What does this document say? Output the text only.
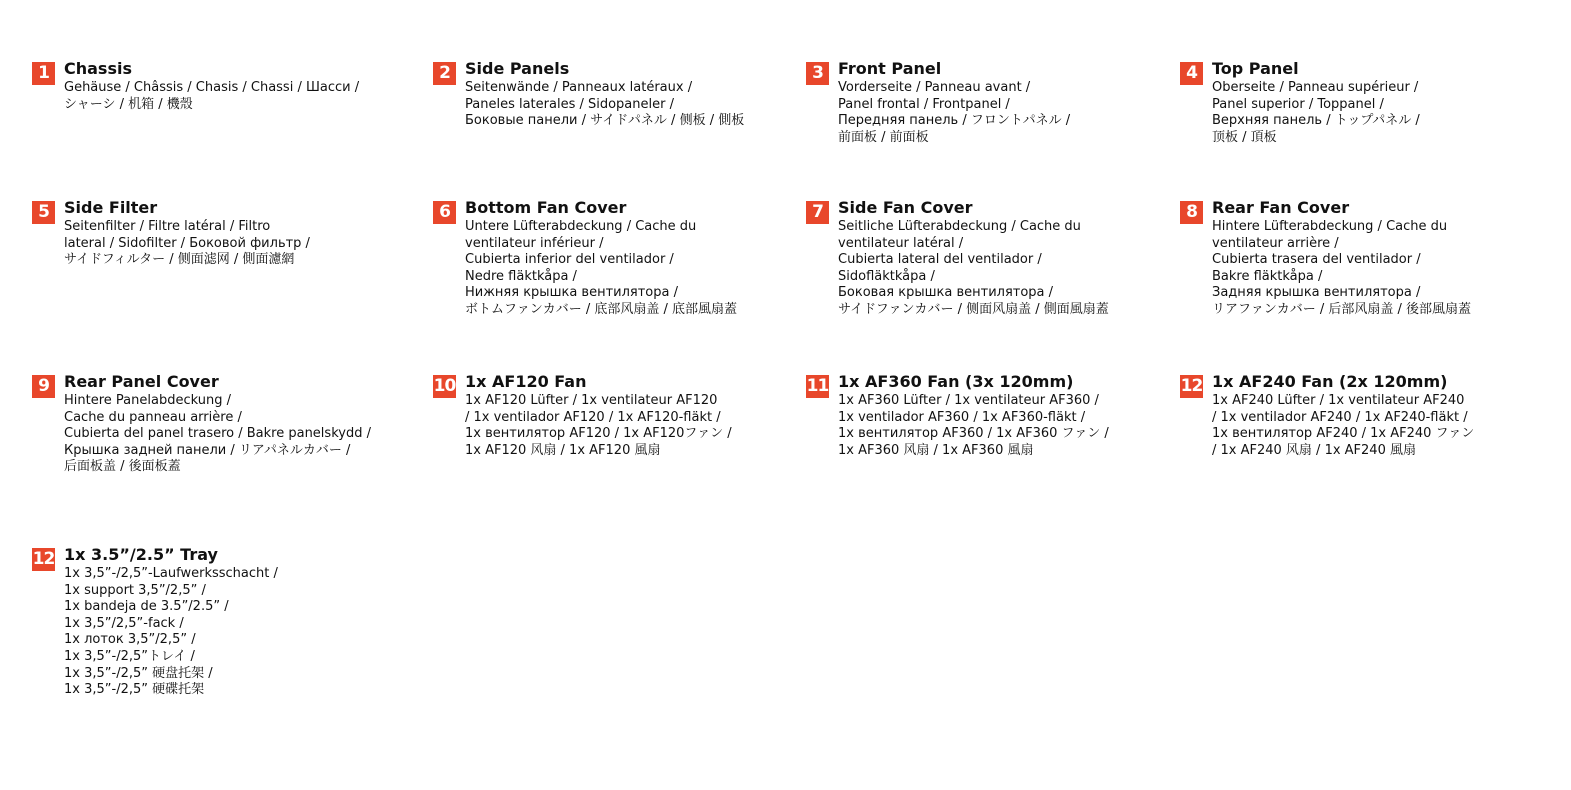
1 Chassis
Gehäuse / Châssis / Chasis / Chassi / Шасси /
シャーシ / 机箱 / 機殼
2 Side Panels
Seitenwände / Panneaux latéraux /
Paneles laterales / Sidopaneler /
Боковые панели / サイドパネル / 侧板 / 側板
3 Front Panel
Vorderseite / Panneau avant /
Panel frontal / Frontpanel /
Передняя панель / フロントパネル /
前面板 / 前面板
4 Top Panel
Oberseite / Panneau supérieur /
Panel superior / Toppanel /
Верхняя панель / トップパネル /
顶板 / 頂板
5 Side Filter
Seitenfilter / Filtre latéral / Filtro
lateral / Sidofilter / Боковой фильтр /
サイドフィルター / 侧面滤网 / 側面濾網
6 Bottom Fan Cover
Untere Lüfterabdeckung / Cache du
ventilateur inférieur /
Cubierta inferior del ventilador /
Nedre fläktkåpa /
Нижняя крышка вентилятора /
ボトムファンカバー / 底部风扇盖 / 底部風扇蓋
7 Side Fan Cover
Seitliche Lüfterabdeckung / Cache du
ventilateur latéral /
Cubierta lateral del ventilador /
Sidofläktkåpa /
Боковая крышка вентилятора /
サイドファンカバー / 侧面风扇盖 / 側面風扇蓋
8 Rear Fan Cover
Hintere Lüfterabdeckung / Cache du
ventilateur arrière /
Cubierta trasera del ventilador /
Bakre fläktkåpa /
Задняя крышка вентилятора /
リアファンカバー / 后部风扇盖 / 後部風扇蓋
9 Rear Panel Cover
Hintere Panelabdeckung /
Cache du panneau arrière /
Cubierta del panel trasero / Bakre panelskydd /
Крышка задней панели / リアパネルカバー /
后面板盖 / 後面板蓋
10 1x AF120 Fan
1x AF120 Lüfter / 1x ventilateur AF120
/ 1x ventilador AF120 / 1x AF120-fläkt /
1x вентилятор AF120 / 1x AF120ファン /
1x AF120 风扇 / 1x AF120 風扇
11 1x AF360 Fan (3x 120mm)
1x AF360 Lüfter / 1x ventilateur AF360 /
1x ventilador AF360 / 1x AF360-fläkt /
1x вентилятор AF360 / 1x AF360 ファン /
1x AF360 风扇 / 1x AF360 風扇
12 1x AF240 Fan (2x 120mm)
1x AF240 Lüfter / 1x ventilateur AF240
/ 1x ventilador AF240 / 1x AF240-fläkt /
1x вентилятор AF240 / 1x AF240 ファン
/ 1x AF240 风扇 / 1x AF240 風扇
12 1x 3.5”/2.5” Tray
1x 3,5”-/2,5”-Laufwerksschacht /
1x support 3,5”/2,5” /
1x bandeja de 3.5”/2.5” /
1x 3,5”/2,5”-fack /
1x лоток 3,5”/2,5” /
1x 3,5”-/2,5”トレイ /
1x 3,5”-/2,5” 硬盘托架 /
1x 3,5”-/2,5” 硬碟托架
